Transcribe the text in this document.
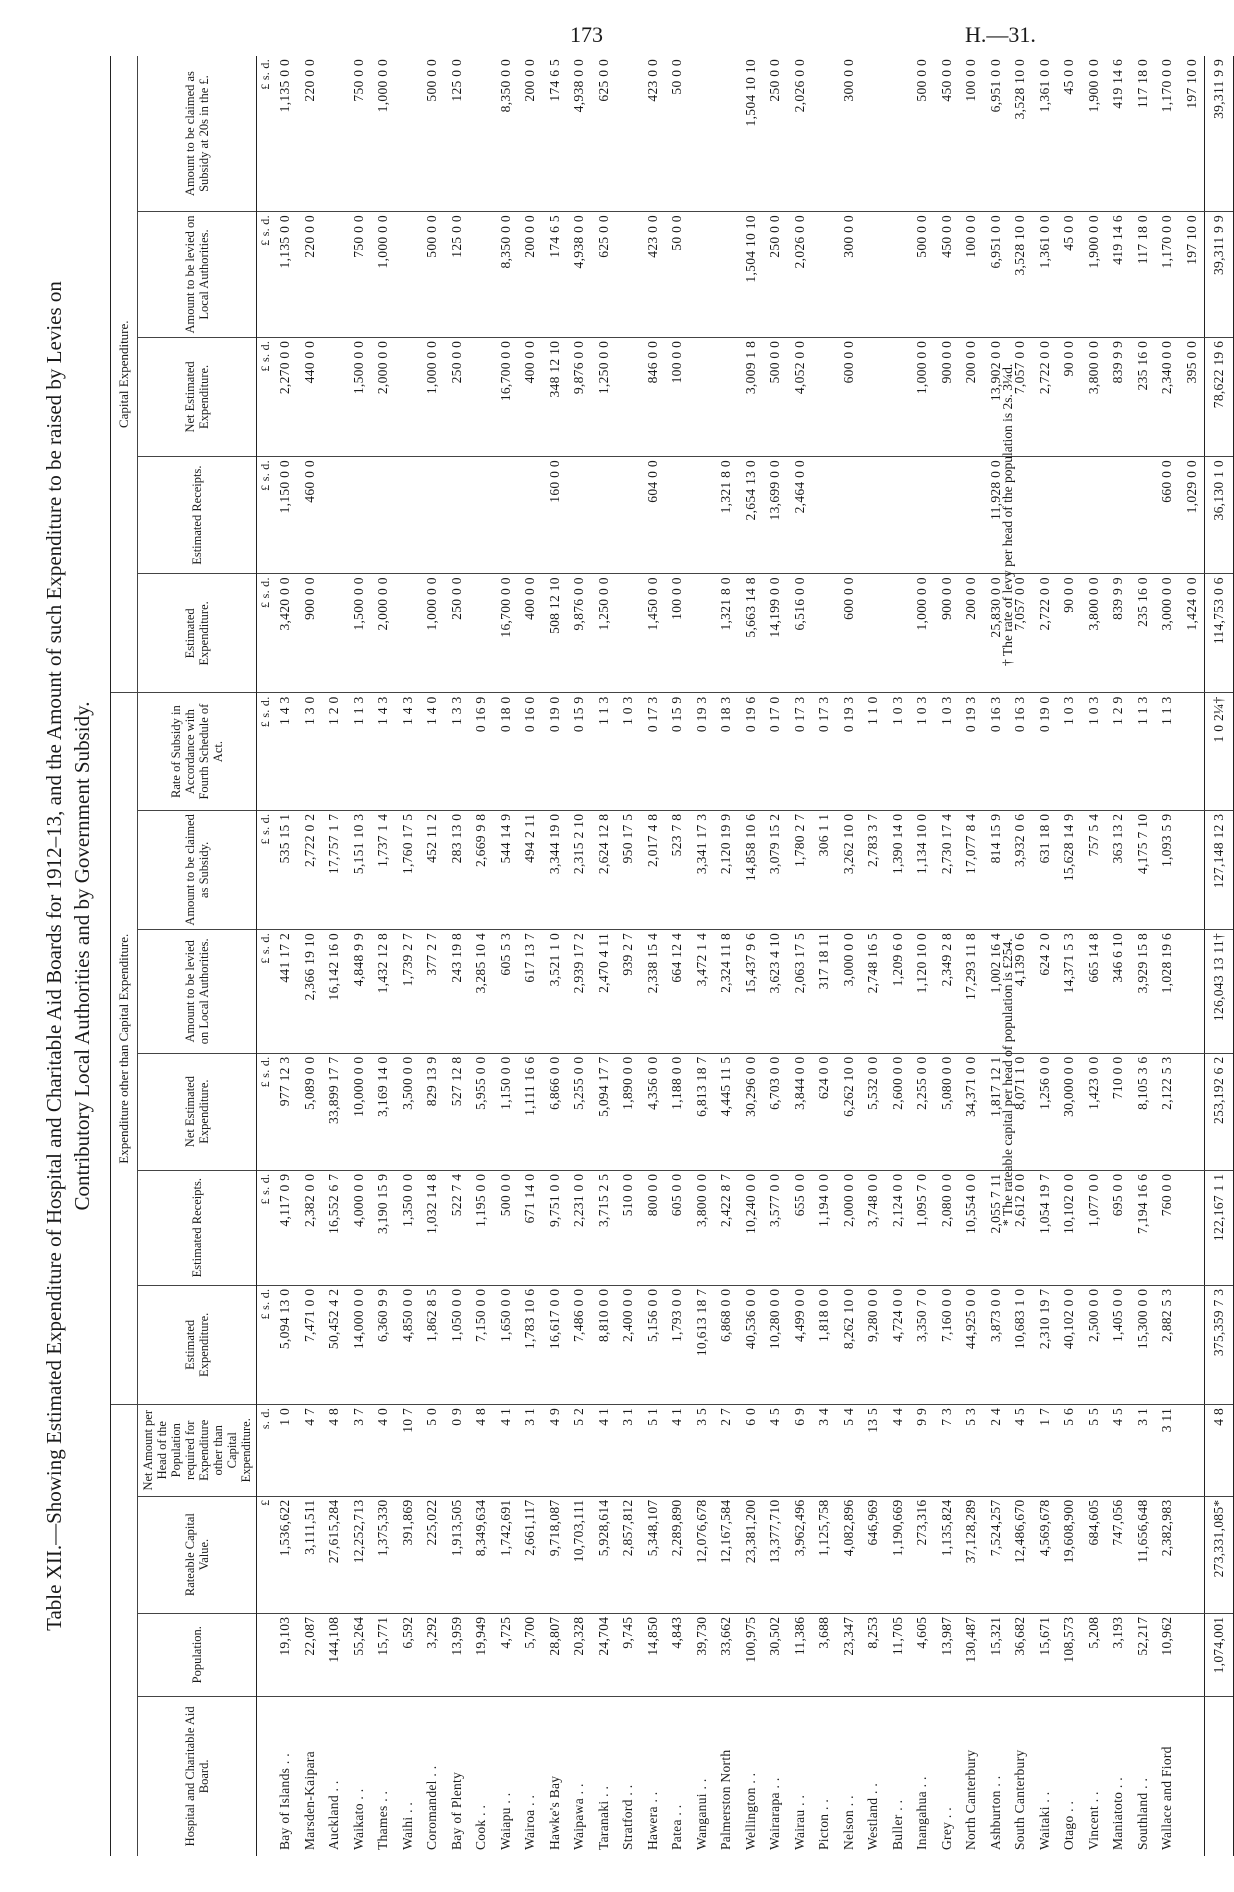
173	H.—31.
Table XII.—Showing Estimated Expenditure of Hospital and Charitable Aid Boards for 1912–13, and the Amount of such Expenditure to be raised by Levies on Contributory Local Authorities and by Government Subsidy.
				Expenditure other than Capital Expenditure.						Capital Expenditure.				
Hospital and Charitable Aid Board.	Population.	Rateable Capital Value.	Net Amount per Head of the Population required for Expenditure other than Capital Expenditure.	Estimated Expenditure.	Estimated Receipts.	Net Estimated Expenditure.	Amount to be levied on Local Authorities.	Amount to be claimed as Subsidy.	Rate of Subsidy in Accordance with Fourth Schedule of Act.	Estimated Expenditure.	Estimated Receipts.	Net Estimated Expenditure.	Amount to be levied on Local Authorities.	Amount to be claimed as Subsidy at 20s in the £.
		£	s. d.	£ s. d.	£ s. d.	£ s. d.	£ s. d.	£ s. d.	£ s. d.	£ s. d.	£ s. d.	£ s. d.	£ s. d.	£ s. d.
Bay of Islands . .	19,103	1,536,622	1 0	5,094 13 0	4,117 0 9	977 12 3	441 17 2	535 15 1	1 4 3	3,420 0 0	1,150 0 0	2,270 0 0	1,135 0 0	1,135 0 0
Marsden-Kaipara	22,087	3,111,511	4 7	7,471 0 0	2,382 0 0	5,089 0 0	2,366 19 10	2,722 0 2	1 3 0	900 0 0	460 0 0	440 0 0	220 0 0	220 0 0
Auckland . .	144,108	27,615,284	4 8	50,452 4 2	16,552 6 7	33,899 17 7	16,142 16 0	17,757 1 7	1 2 0					
Waikato . .	55,264	12,252,713	3 7	14,000 0 0	4,000 0 0	10,000 0 0	4,848 9 9	5,151 10 3	1 1 3	1,500 0 0		1,500 0 0	750 0 0	750 0 0
Thames . .	15,771	1,375,330	4 0	6,360 9 9	3,190 15 9	3,169 14 0	1,432 12 8	1,737 1 4	1 4 3	2,000 0 0		2,000 0 0	1,000 0 0	1,000 0 0
Waihi . .	6,592	391,869	10 7	4,850 0 0	1,350 0 0	3,500 0 0	1,739 2 7	1,760 17 5	1 4 3					
Coromandel . .	3,292	225,022	5 0	1,862 8 5	1,032 14 8	829 13 9	377 2 7	452 11 2	1 4 0	1,000 0 0		1,000 0 0	500 0 0	500 0 0
Bay of Plenty	13,959	1,913,505	0 9	1,050 0 0	522 7 4	527 12 8	243 19 8	283 13 0	1 3 3	250 0 0		250 0 0	125 0 0	125 0 0
Cook . .	19,949	8,349,634	4 8	7,150 0 0	1,195 0 0	5,955 0 0	3,285 10 4	2,669 9 8	0 16 9					
Waiapu . .	4,725	1,742,691	4 1	1,650 0 0	500 0 0	1,150 0 0	605 5 3	544 14 9	0 18 0	16,700 0 0		16,700 0 0	8,350 0 0	8,350 0 0
Wairoa . .	5,700	2,661,117	3 1	1,783 10 6	671 14 0	1,111 16 6	617 13 7	494 2 11	0 16 0	400 0 0		400 0 0	200 0 0	200 0 0
Hawke's Bay	28,807	9,718,087	4 9	16,617 0 0	9,751 0 0	6,866 0 0	3,521 1 0	3,344 19 0	0 19 0	508 12 10	160 0 0	348 12 10	174 6 5	174 6 5
Waipawa . .	20,328	10,703,111	5 2	7,486 0 0	2,231 0 0	5,255 0 0	2,939 17 2	2,315 2 10	0 15 9	9,876 0 0		9,876 0 0	4,938 0 0	4,938 0 0
Taranaki . .	24,704	5,928,614	4 1	8,810 0 0	3,715 2 5	5,094 17 7	2,470 4 11	2,624 12 8	1 1 3	1,250 0 0		1,250 0 0	625 0 0	625 0 0
Stratford . .	9,745	2,857,812	3 1	2,400 0 0	510 0 0	1,890 0 0	939 2 7	950 17 5	1 0 3					
Hawera . .	14,850	5,348,107	5 1	5,156 0 0	800 0 0	4,356 0 0	2,338 15 4	2,017 4 8	0 17 3	1,450 0 0	604 0 0	846 0 0	423 0 0	423 0 0
Patea . .	4,843	2,289,890	4 1	1,793 0 0	605 0 0	1,188 0 0	664 12 4	523 7 8	0 15 9	100 0 0		100 0 0	50 0 0	50 0 0
Wanganui . .	39,730	12,076,678	3 5	10,613 18 7	3,800 0 0	6,813 18 7	3,472 1 4	3,341 17 3	0 19 3					
Palmerston North	33,662	12,167,584	2 7	6,868 0 0	2,422 8 7	4,445 11 5	2,324 11 8	2,120 19 9	0 18 3	1,321 8 0	1,321 8 0			
Wellington . .	100,975	23,381,200	6 0	40,536 0 0	10,240 0 0	30,296 0 0	15,437 9 6	14,858 10 6	0 19 6	5,663 14 8	2,654 13 0	3,009 1 8	1,504 10 10	1,504 10 10
Wairarapa . .	30,502	13,377,710	4 5	10,280 0 0	3,577 0 0	6,703 0 0	3,623 4 10	3,079 15 2	0 17 0	14,199 0 0	13,699 0 0	500 0 0	250 0 0	250 0 0
Wairau . .	11,386	3,962,496	6 9	4,499 0 0	655 0 0	3,844 0 0	2,063 17 5	1,780 2 7	0 17 3	6,516 0 0	2,464 0 0	4,052 0 0	2,026 0 0	2,026 0 0
Picton . .	3,688	1,125,758	3 4	1,818 0 0	1,194 0 0	624 0 0	317 18 11	306 1 1	0 17 3					
Nelson . .	23,347	4,082,896	5 4	8,262 10 0	2,000 0 0	6,262 10 0	3,000 0 0	3,262 10 0	0 19 3	600 0 0		600 0 0	300 0 0	300 0 0
Westland . .	8,253	646,969	13 5	9,280 0 0	3,748 0 0	5,532 0 0	2,748 16 5	2,783 3 7	1 1 0					
Buller . .	11,705	1,190,669	4 4	4,724 0 0	2,124 0 0	2,600 0 0	1,209 6 0	1,390 14 0	1 0 3					
Inangahua . .	4,605	273,316	9 9	3,350 7 0	1,095 7 0	2,255 0 0	1,120 10 0	1,134 10 0	1 0 3	1,000 0 0		1,000 0 0	500 0 0	500 0 0
Grey . .	13,987	1,135,824	7 3	7,160 0 0	2,080 0 0	5,080 0 0	2,349 2 8	2,730 17 4	1 0 3	900 0 0		900 0 0	450 0 0	450 0 0
North Canterbury	130,487	37,128,289	5 3	44,925 0 0	10,554 0 0	34,371 0 0	17,293 11 8	17,077 8 4	0 19 3	200 0 0		200 0 0	100 0 0	100 0 0
Ashburton . .	15,321	7,524,257	2 4	3,873 0 0	2,055 7 11	1,817 12 1	1,002 16 4	814 15 9	0 16 3	25,830 0 0	11,928 0 0	13,902 0 0	6,951 0 0	6,951 0 0
South Canterbury	36,682	12,486,670	4 5	10,683 1 0	2,612 0 0	8,071 1 0	4,139 0 6	3,932 0 6	0 16 3	7,057 0 0		7,057 0 0	3,528 10 0	3,528 10 0
Waitaki . .	15,671	4,569,678	1 7	2,310 19 7	1,054 19 7	1,256 0 0	624 2 0	631 18 0	0 19 0	2,722 0 0		2,722 0 0	1,361 0 0	1,361 0 0
Otago . .	108,573	19,608,900	5 6	40,102 0 0	10,102 0 0	30,000 0 0	14,371 5 3	15,628 14 9	1 0 3	90 0 0		90 0 0	45 0 0	45 0 0
Vincent . .	5,208	684,605	5 5	2,500 0 0	1,077 0 0	1,423 0 0	665 14 8	757 5 4	1 0 3	3,800 0 0		3,800 0 0	1,900 0 0	1,900 0 0
Maniatoto . .	3,193	747,056	4 5	1,405 0 0	695 0 0	710 0 0	346 6 10	363 13 2	1 2 9	839 9 9		839 9 9	419 14 6	419 14 6
Southland . .	52,217	11,656,648	3 1	15,300 0 0	7,194 16 6	8,105 3 6	3,929 15 8	4,175 7 10	1 1 3	235 16 0		235 16 0	117 18 0	117 18 0
Wallace and Fiord	10,962	2,382,983	3 11	2,882 5 3	760 0 0	2,122 5 3	1,028 19 6	1,093 5 9	1 1 3	3,000 0 0	660 0 0	2,340 0 0	1,170 0 0	1,170 0 0
										1,424 0 0	1,029 0 0	395 0 0	197 10 0	197 10 0
	1,074,001	273,331,085*	4 8	375,359 7 3	122,167 1 1	253,192 6 2	126,043 13 11†	127,148 12 3	1 0 2¼†	114,753 0 6	36,130 1 0	78,622 19 6	39,311 9 9	39,311 9 9
* The rateable capital per head of population is £254.
† The rate of levy per head of the population is 2s. 3¼d.
